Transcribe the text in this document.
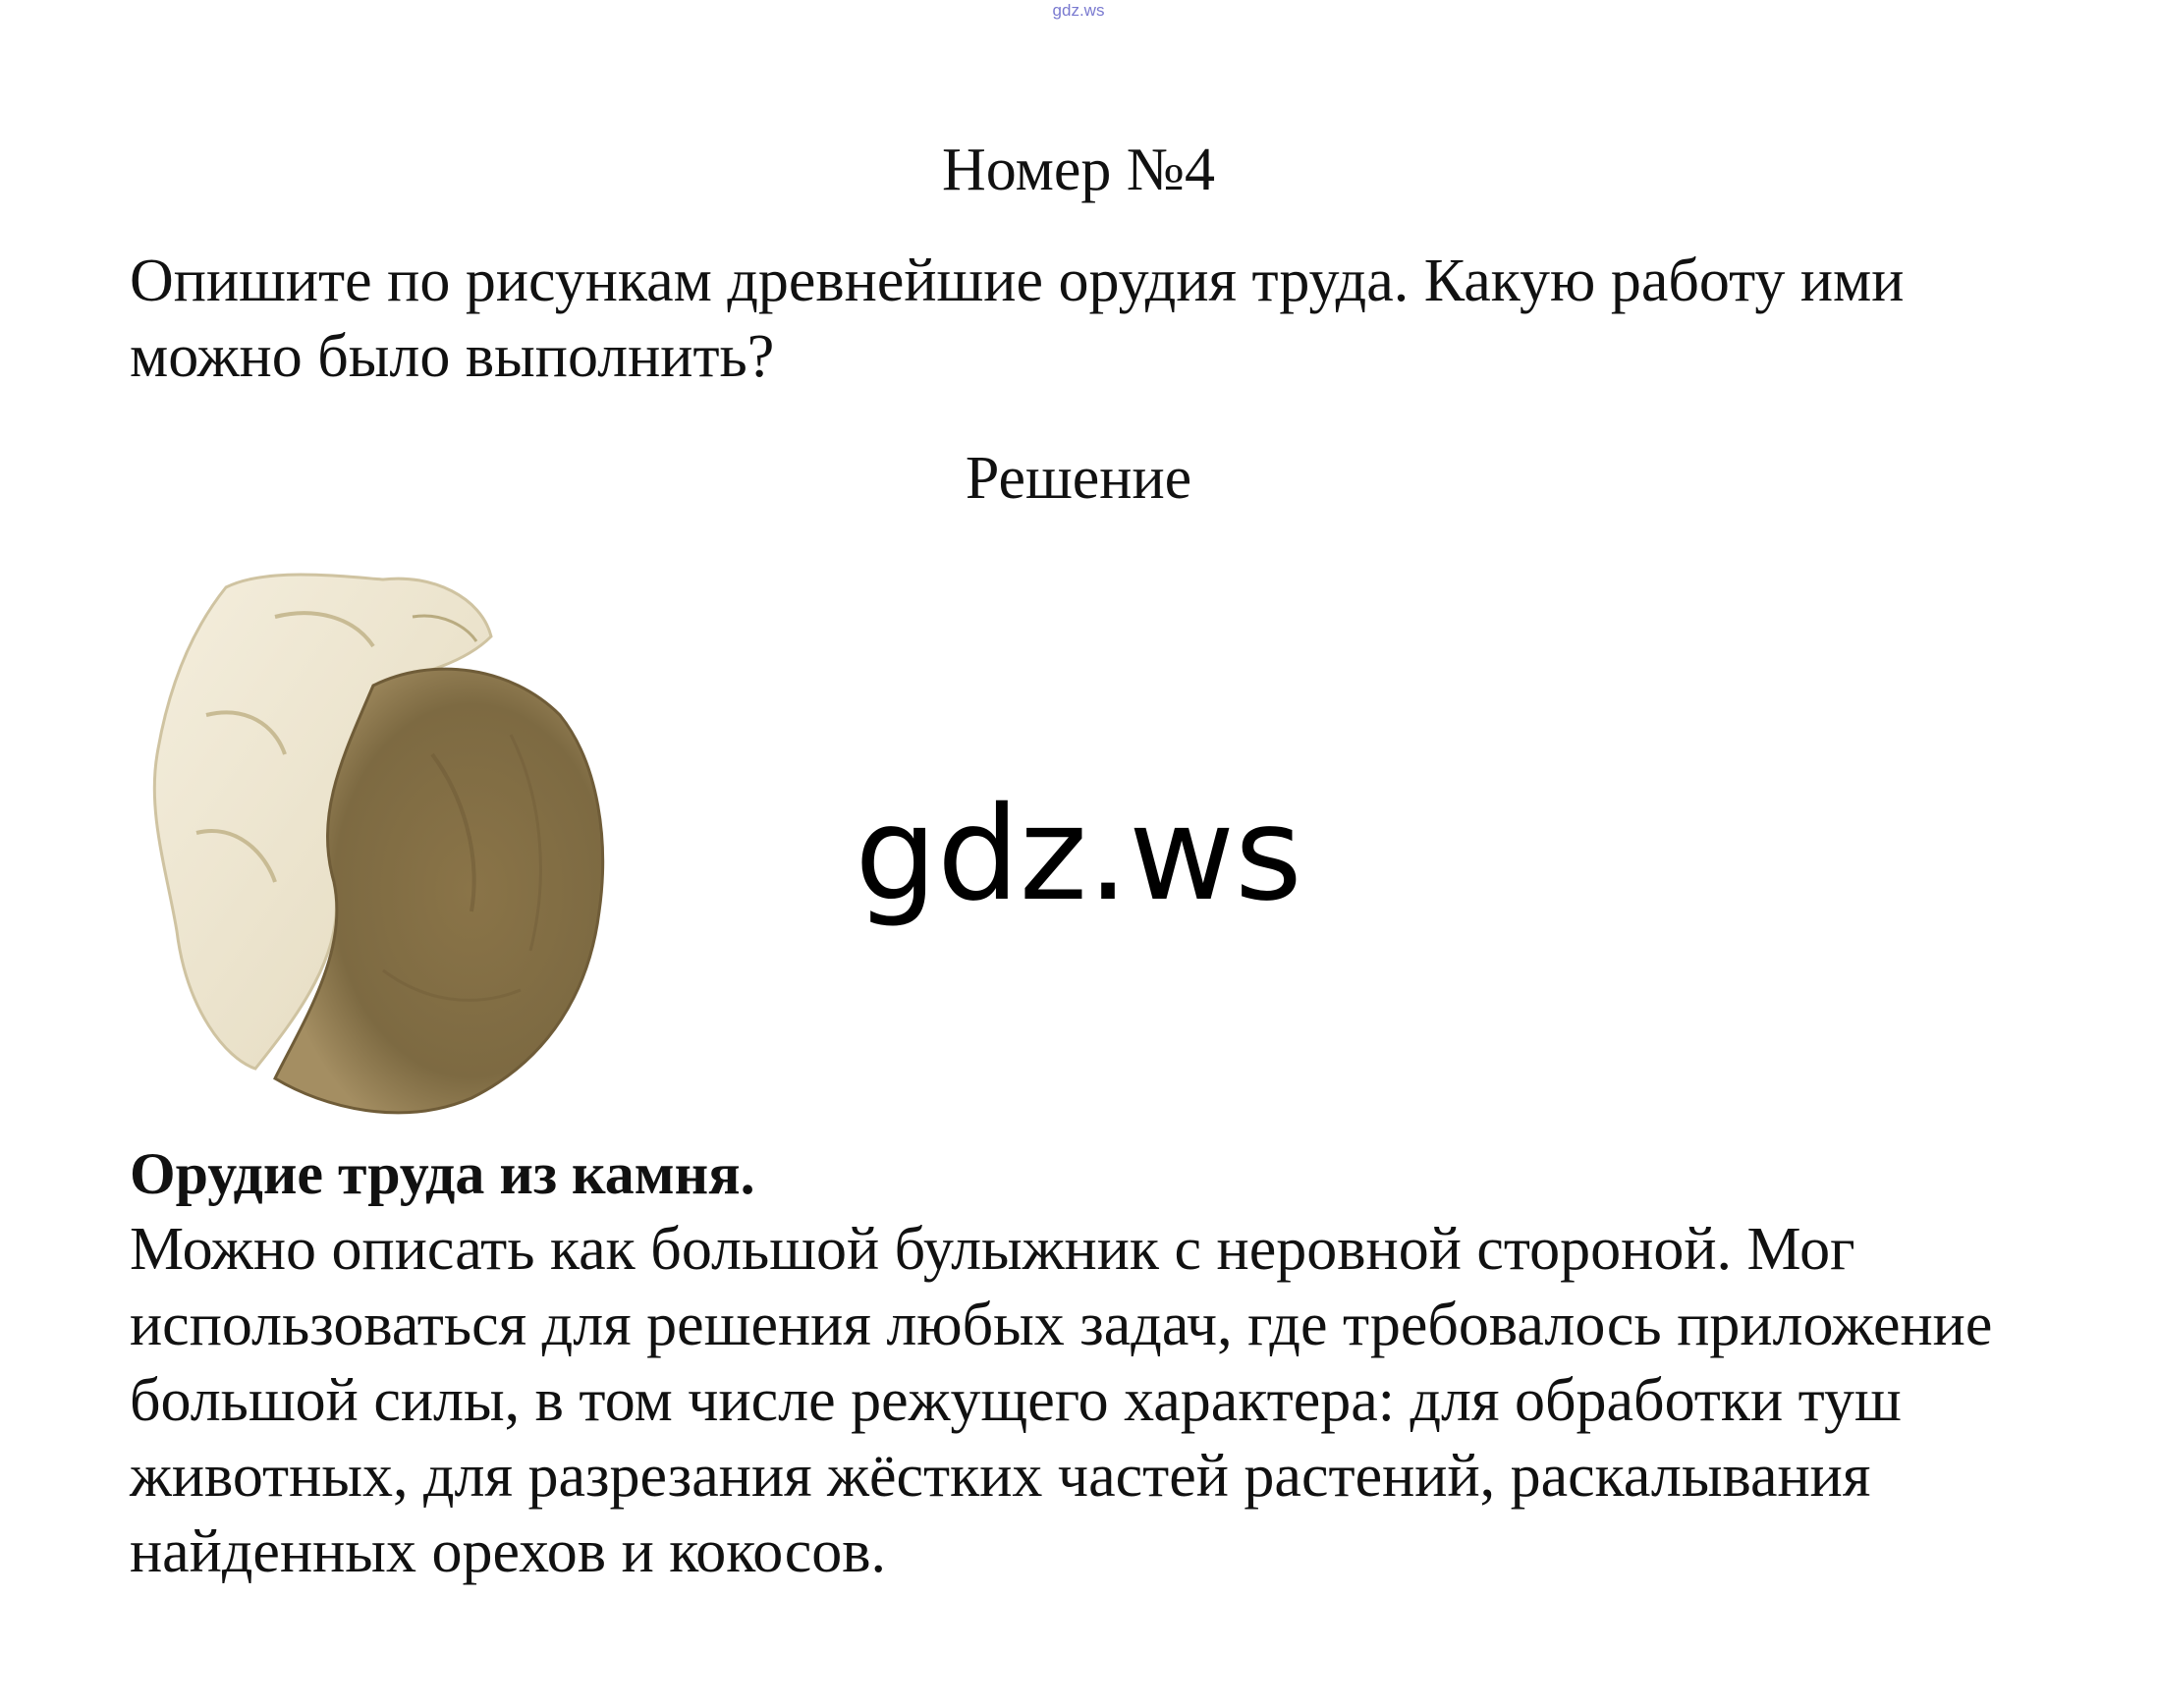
gdz.ws
Номер №4

Опишите по рисункам древнейшие орудия труда. Какую работу ими можно было выполнить?

Решение
gdz.ws

Орудие труда из камня.

Можно описать как большой булыжник с неровной стороной. Мог использоваться для решения любых задач, где требовалось приложение большой силы, в том числе режущего характера: для обработки туш животных, для разрезания жёстких частей растений, раскалывания найденных орехов и кокосов.
